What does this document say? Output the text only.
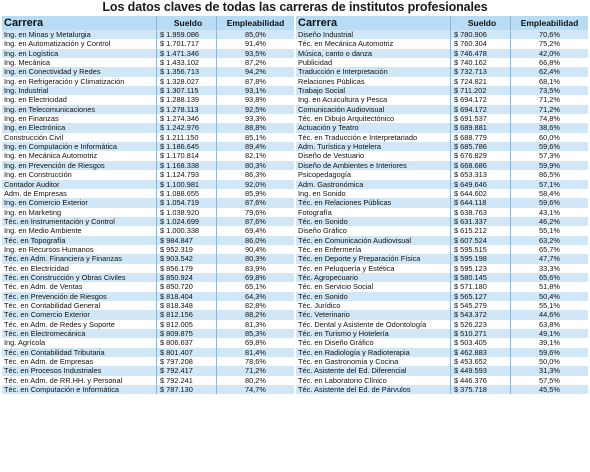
Los datos claves de todas las carreras de institutos profesionales
Carrera	Sueldo	Empleabilidad
Ing. en Minas y Metalurgia	$ 1.959.086	85,0%
Ing. en Automatización y Control	$ 1.701.717	91,4%
Ing. en Logística	$ 1.471.346	93,5%
Ing. Mecánica	$ 1.433.102	87,2%
Ing. en Conectividad y Redes	$ 1.356.713	94,2%
Ing. en Refrigeración y Climatización	$ 1.328.027	87,8%
Ing. Industrial	$ 1.307.115	93,1%
Ing. en Electricidad	$ 1.288.139	93,8%
Ing. en Telecomunicaciones	$ 1.278.113	92,5%
Ing. en Finanzas	$ 1.274.346	93,3%
Ing. en Electrónica	$ 1.242.976	88,8%
Construcción Civil	$ 1.211.150	85,1%
Ing. en Computación e Informática	$ 1.186.645	89,4%
Ing. en Mecánica Automotriz	$ 1.170.814	82,1%
Ing. en Prevención de Riesgos	$ 1.168.338	80,3%
Ing. en Construcción	$ 1.124.793	86,3%
Contador Auditor	$ 1.100.981	92,0%
Adm. de Empresas	$ 1.088.655	85,9%
Ing. en Comercio Exterior	$ 1.054.719	87,6%
Ing. en Marketing	$ 1.038.920	79,6%
Téc. en Instrumentación y Control	$ 1.024.699	87,6%
Ing. en Medio Ambiente	$ 1.000.338	69,4%
Téc. en Topografía	$ 984.847	86,0%
Ing. en Recursos Humanos	$ 952.319	90,4%
Téc. en Adm. Financiera y Finanzas	$ 903.542	80,3%
Téc. en Electricidad	$ 856.179	83,9%
Téc. en Construcción y Obras Civiles	$ 850.924	69,8%
Téc. en Adm. de Ventas	$ 850.720	65,1%
Téc. en Prevención de Riesgos	$ 818.404	64,3%
Téc. en Contabilidad General	$ 818.348	82,8%
Téc. en Comercio Exterior	$ 812.156	88,2%
Téc. en Adm. de Redes y Soporte	$ 812.005	81,3%
Téc. en Electromecánica	$ 809.875	85,3%
Ing. Agrícola	$ 806.637	69,8%
Téc. en Contabilidad Tributaria	$ 801.407	81,4%
Téc. en Adm. de Empresas	$ 797.208	78,6%
Téc. en Procesos Industriales	$ 792.417	71,2%
Téc. en Adm. de RR.HH. y Personal	$ 792.241	80,2%
Téc. en Computación e Informática	$ 787.130	74,7%
Carrera	Sueldo	Empleabilidad
Diseño Industrial	$ 780.906	70,6%
Téc. en Mecánica Automotriz	$ 760.304	75,2%
Música, canto o danza	$ 746.478	42,0%
Publicidad	$ 740.162	66,8%
Traducción e Interpretación	$ 732.713	62,4%
Relaciones Públicas	$ 724.821	68,1%
Trabajo Social	$ 711.202	73,5%
Ing. en Acuicultura y Pesca	$ 694.172	71,2%
Comunicación Audiovisual	$ 694.172	71,2%
Téc. en Dibujo Arquitectónico	$ 691.537	74,8%
Actuación y Teatro	$ 689.881	38,6%
Téc. en Traducción e Interpretariado	$ 688.779	60,0%
Adm. Turística y Hotelera	$ 685.786	59,6%
Diseño de Vestuario	$ 676.829	57,3%
Diseño de Ambientes e Interiores	$ 668.686	59,9%
Psicopedagogía	$ 653.313	86,5%
Adm. Gastronómica	$ 649.646	57,1%
Ing. en Sonido	$ 644.602	58,4%
Téc. en Relaciones Públicas	$ 644.118	59,6%
Fotografía	$ 638.763	43,1%
Téc. en Sonido	$ 631.337	46,2%
Diseño Gráfico	$ 615.212	55,1%
Téc. en Comunicación Audiovisual	$ 607.524	63,2%
Téc. en Enfermería	$ 595.515	65,7%
Téc. en Deporte y Preparación Física	$ 595.198	47,7%
Téc. en Peluquería y Estética	$ 595.123	33,3%
Téc. Agropecuario	$ 580.145	65,6%
Téc. en Servicio Social	$ 571.180	51,8%
Téc. en Sonido	$ 565.127	50,4%
Téc. Jurídico	$ 545.279	55,1%
Téc. Veterinario	$ 543.372	44,6%
Téc. Dental y Asistente de Odontología	$ 526.223	63,8%
Téc. en Turismo y Hotelería	$ 510.271	49,1%
Téc. en Diseño Gráfico	$ 503.405	39,1%
Téc. en Radiología y Radioterapia	$ 462.883	59,6%
Téc. en Gastronomía y Cocina	$ 453.652	50,0%
Téc. Asistente del Ed. Diferencial	$ 449.593	31,3%
Téc. en Laboratorio Clínico	$ 446.376	57,5%
Téc. Asistente del Ed. de Párvulos	$ 375.718	45,5%
